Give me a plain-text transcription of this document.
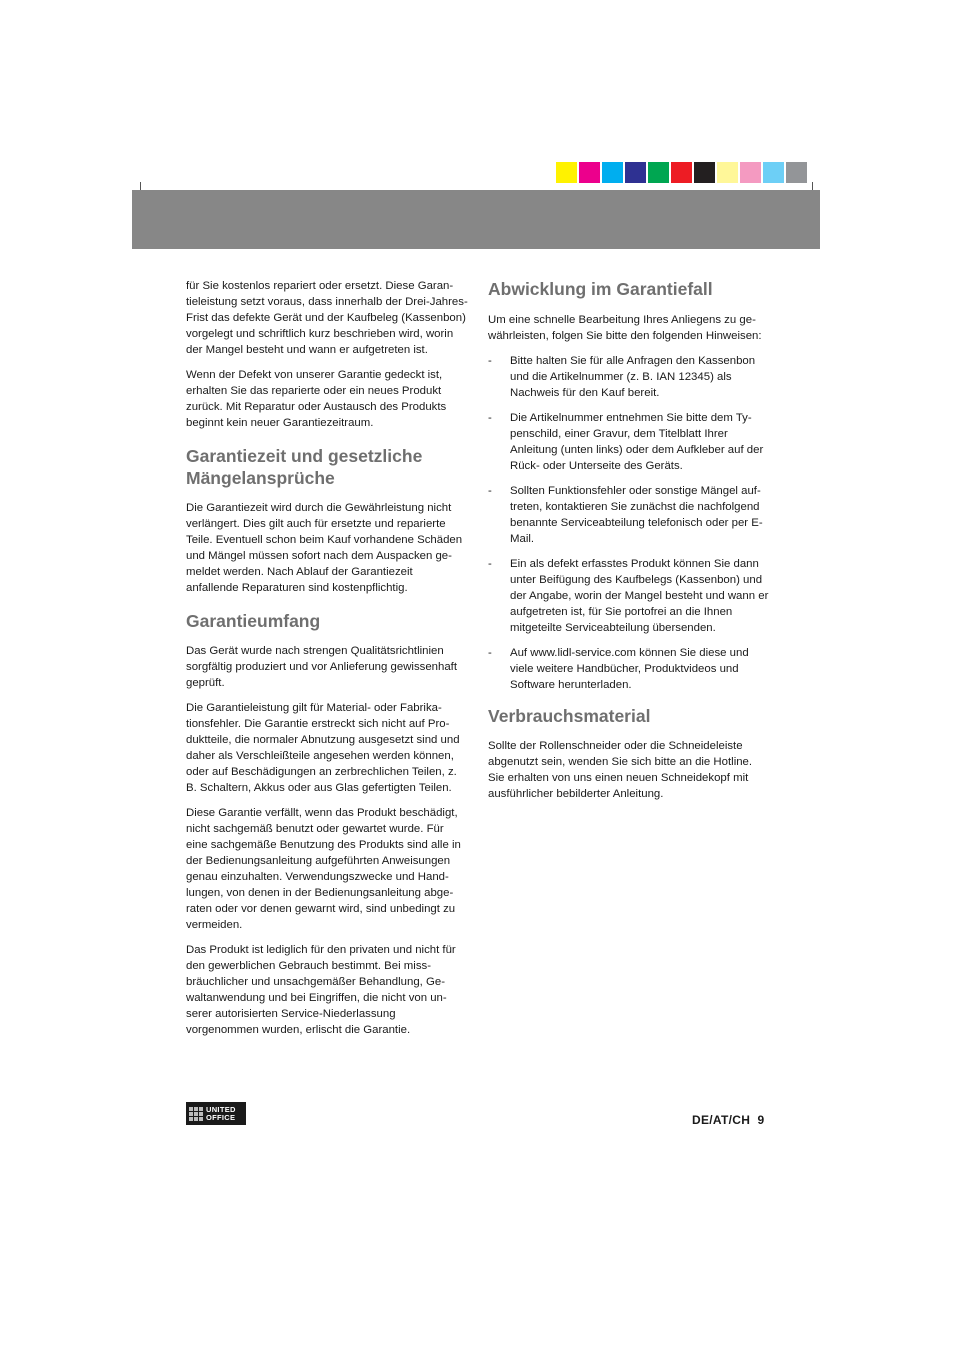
für Sie kostenlos repariert oder ersetzt. Diese Garantieleistung setzt voraus, dass innerhalb der Drei-Jahres-Frist das defekte Gerät und der Kaufbeleg (Kassenbon) vorgelegt und schriftlich kurz beschrieben wird, worin der Mangel besteht und wann er aufgetreten ist.

Wenn der Defekt von unserer Garantie gedeckt ist, erhalten Sie das reparierte oder ein neues Produkt zurück. Mit Reparatur oder Austausch des Produkts beginnt kein neuer Garantiezeitraum.

Garantiezeit und gesetzliche Mängelansprüche

Die Garantiezeit wird durch die Gewährleistung nicht verlängert. Dies gilt auch für ersetzte und reparierte Teile. Eventuell schon beim Kauf vorhandene Schäden und Mängel müssen sofort nach dem Auspacken gemeldet werden. Nach Ablauf der Garantiezeit anfallende Reparaturen sind kostenpflichtig.

Garantieumfang

Das Gerät wurde nach strengen Qualitätsrichtlinien sorgfältig produziert und vor Anlieferung gewissenhaft geprüft.

Die Garantieleistung gilt für Material- oder Fabrikationsfehler. Die Garantie erstreckt sich nicht auf Produktteile, die normaler Abnutzung ausgesetzt sind und daher als Verschleißteile angesehen werden können, oder auf Beschädigungen an zerbrechlichen Teilen, z. B. Schaltern, Akkus oder aus Glas gefertigten Teilen.

Diese Garantie verfällt, wenn das Produkt beschädigt, nicht sachgemäß benutzt oder gewartet wurde. Für eine sachgemäße Benutzung des Produkts sind alle in der Bedienungsanleitung aufgeführten Anweisungen genau einzuhalten. Verwendungszwecke und Handlungen, von denen in der Bedienungsanleitung abgeraten oder vor denen gewarnt wird, sind unbedingt zu vermeiden.

Das Produkt ist lediglich für den privaten und nicht für den gewerblichen Gebrauch bestimmt. Bei missbräuchlicher und unsachgemäßer Behandlung, Gewaltanwendung und bei Eingriffen, die nicht von unserer autorisierten Service-Niederlassung vorgenommen wurden, erlischt die Garantie.

Abwicklung im Garantiefall

Um eine schnelle Bearbeitung Ihres Anliegens zu gewährleisten, folgen Sie bitte den folgenden Hinweisen:

- Bitte halten Sie für alle Anfragen den Kassenbon und die Artikelnummer (z. B. IAN 12345) als Nachweis für den Kauf bereit.
- Die Artikelnummer entnehmen Sie bitte dem Typenschild, einer Gravur, dem Titelblatt Ihrer Anleitung (unten links) oder dem Aufkleber auf der Rück- oder Unterseite des Geräts.
- Sollten Funktionsfehler oder sonstige Mängel auftreten, kontaktieren Sie zunächst die nachfolgend benannte Serviceabteilung telefonisch oder per E-Mail.
- Ein als defekt erfasstes Produkt können Sie dann unter Beifügung des Kaufbelegs (Kassenbon) und der Angabe, worin der Mangel besteht und wann er aufgetreten ist, für Sie portofrei an die Ihnen mitgeteilte Serviceabteilung übersenden.
- Auf www.lidl-service.com können Sie diese und viele weitere Handbücher, Produktvideos und Software herunterladen.
Verbrauchsmaterial

Sollte der Rollenschneider oder die Schneideleiste abgenutzt sein, wenden Sie sich bitte an die Hotline. Sie erhalten von uns einen neuen Schneidekopf mit ausführlicher bebilderter Anleitung.

UNITED
OFFICE	DE/AT/CH  9
